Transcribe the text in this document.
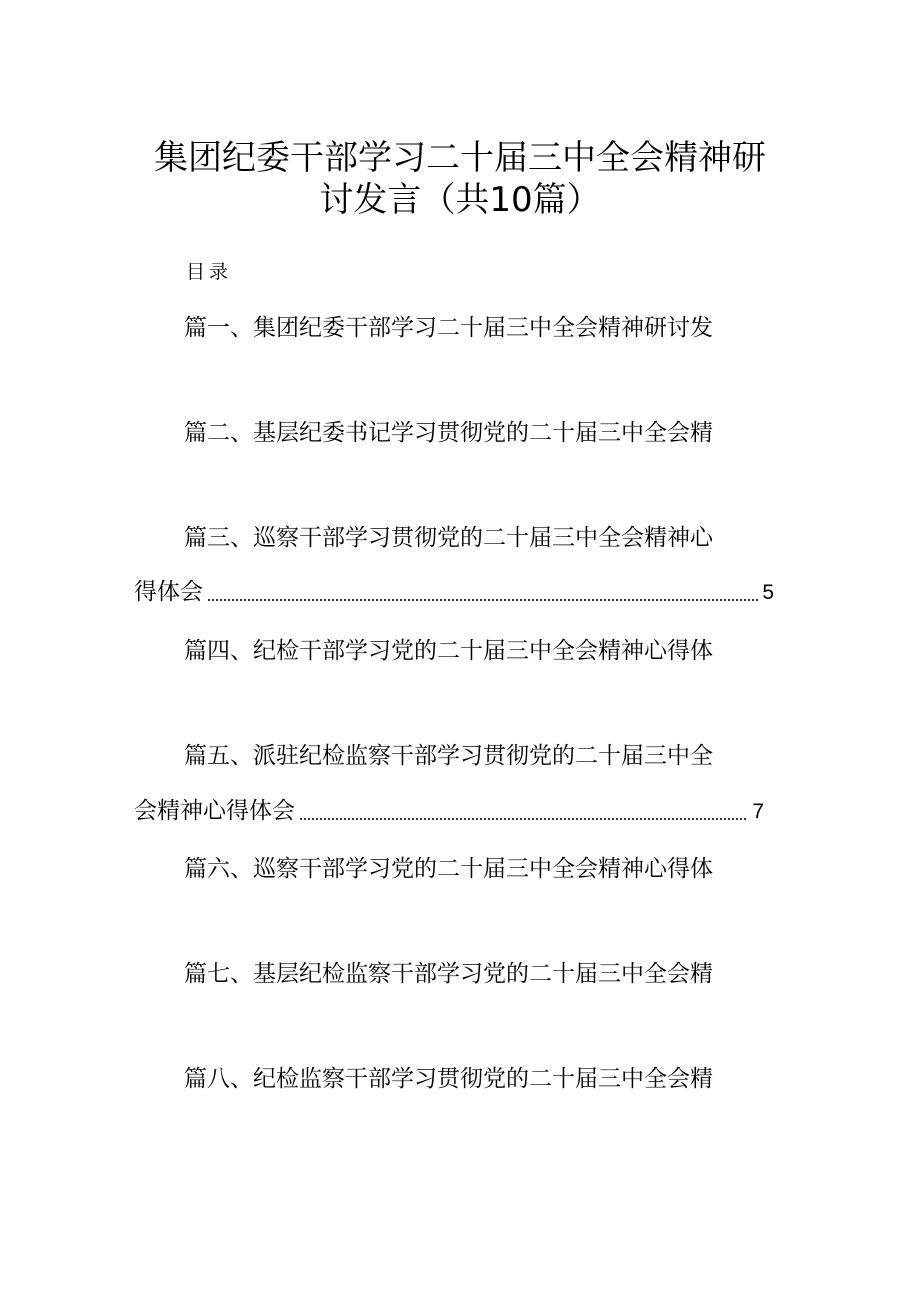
集团纪委干部学习二十届三中全会精神研
讨发言（共10篇）
目录
篇一、集团纪委干部学习二十届三中全会精神研讨发
篇二、基层纪委书记学习贯彻党的二十届三中全会精
篇三、巡察干部学习贯彻党的二十届三中全会精神心
得体会	5
篇四、纪检干部学习党的二十届三中全会精神心得体
篇五、派驻纪检监察干部学习贯彻党的二十届三中全
会精神心得体会	7
篇六、巡察干部学习党的二十届三中全会精神心得体
篇七、基层纪检监察干部学习党的二十届三中全会精
篇八、纪检监察干部学习贯彻党的二十届三中全会精
